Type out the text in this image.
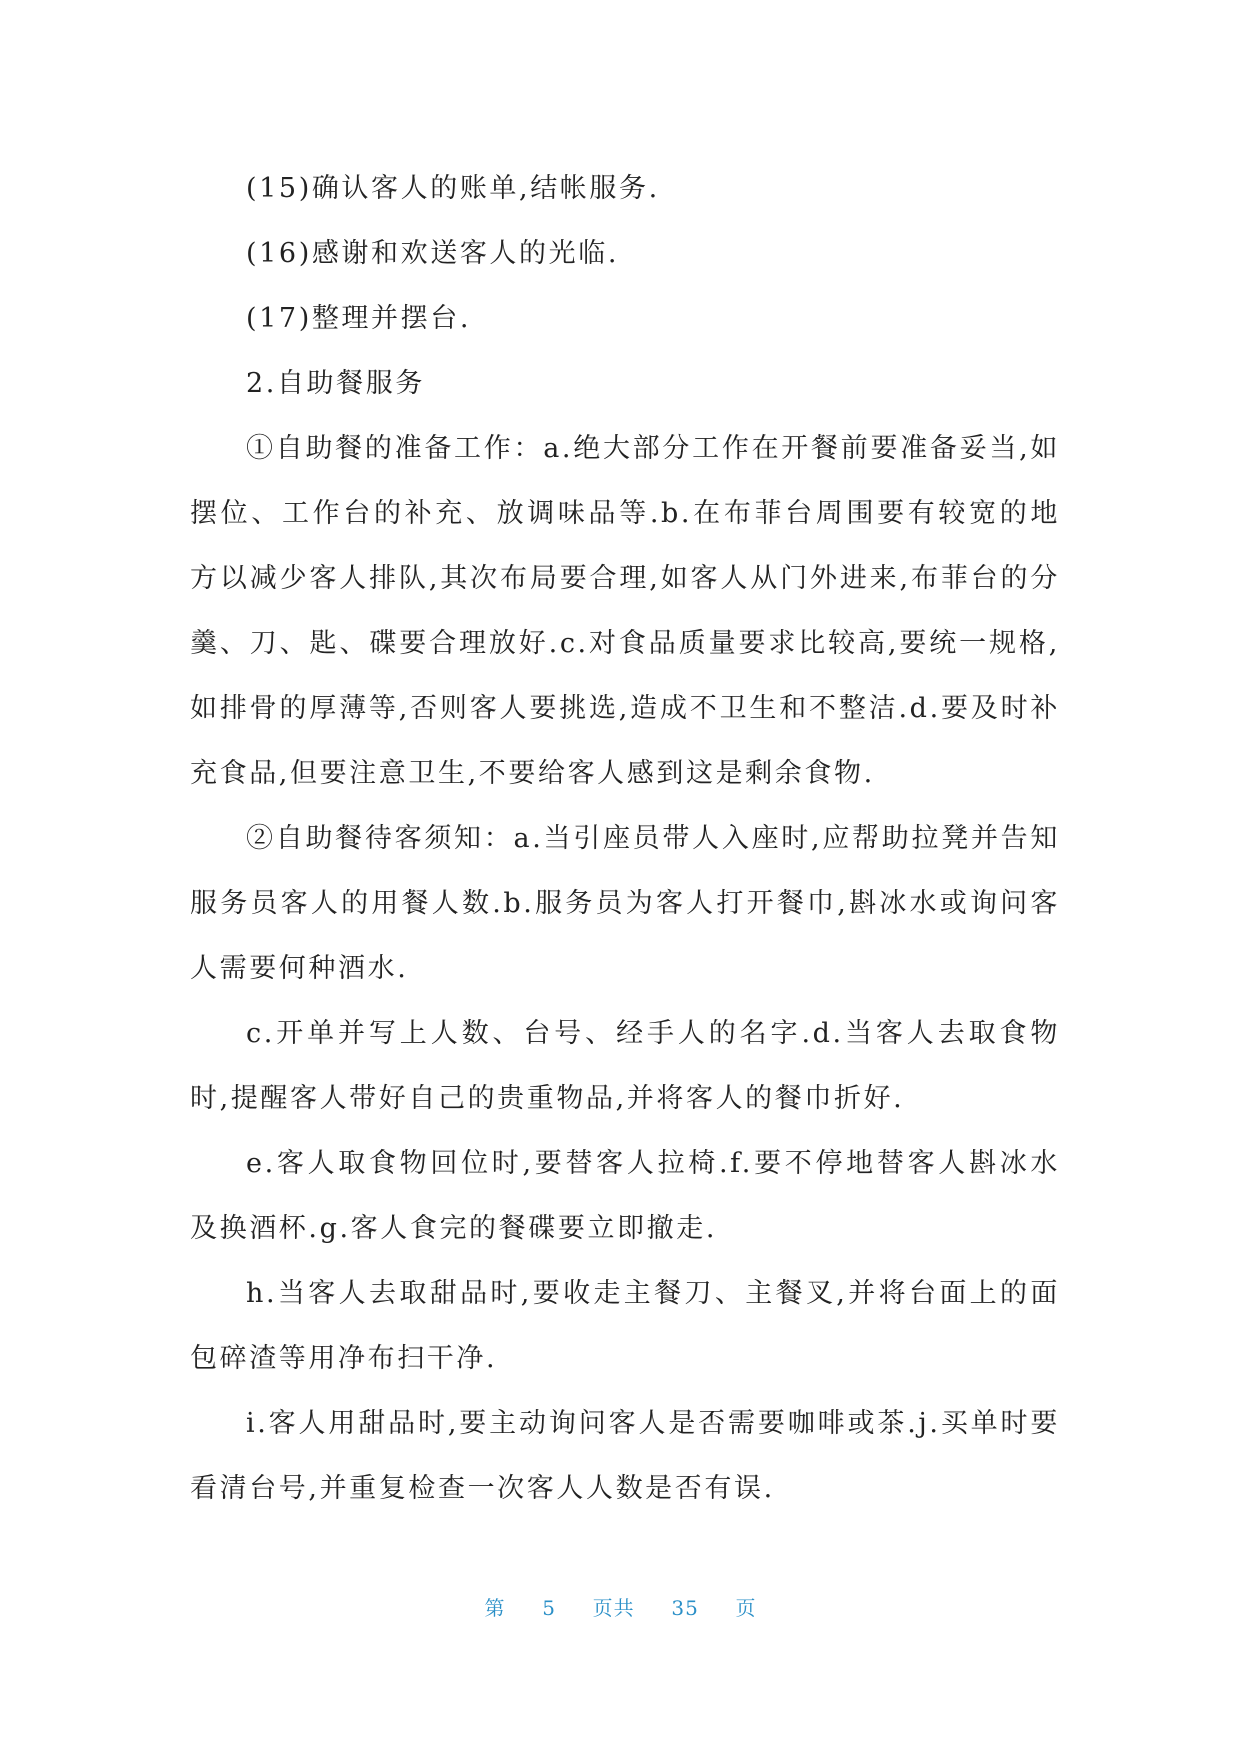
(15)确认客人的账单,结帐服务.

(16)感谢和欢送客人的光临.

(17)整理并摆台.

2.自助餐服务

①自助餐的准备工作：a.绝大部分工作在开餐前要准备妥当,如摆位、工作台的补充、放调味品等.b.在布菲台周围要有较宽的地方以减少客人排队,其次布局要合理,如客人从门外进来,布菲台的分羹、刀、匙、碟要合理放好.c.对食品质量要求比较高,要统一规格,如排骨的厚薄等,否则客人要挑选,造成不卫生和不整洁.d.要及时补充食品,但要注意卫生,不要给客人感到这是剩余食物.

②自助餐待客须知：a.当引座员带人入座时,应帮助拉凳并告知服务员客人的用餐人数.b.服务员为客人打开餐巾,斟冰水或询问客人需要何种酒水.

c.开单并写上人数、台号、经手人的名字.d.当客人去取食物时,提醒客人带好自己的贵重物品,并将客人的餐巾折好.

e.客人取食物回位时,要替客人拉椅.f.要不停地替客人斟冰水及换酒杯.g.客人食完的餐碟要立即撤走.

h.当客人去取甜品时,要收走主餐刀、主餐叉,并将台面上的面包碎渣等用净布扫干净.

i.客人用甜品时,要主动询问客人是否需要咖啡或茶.j.买单时要看清台号,并重复检查一次客人人数是否有误.

第 5 页共 35 页
